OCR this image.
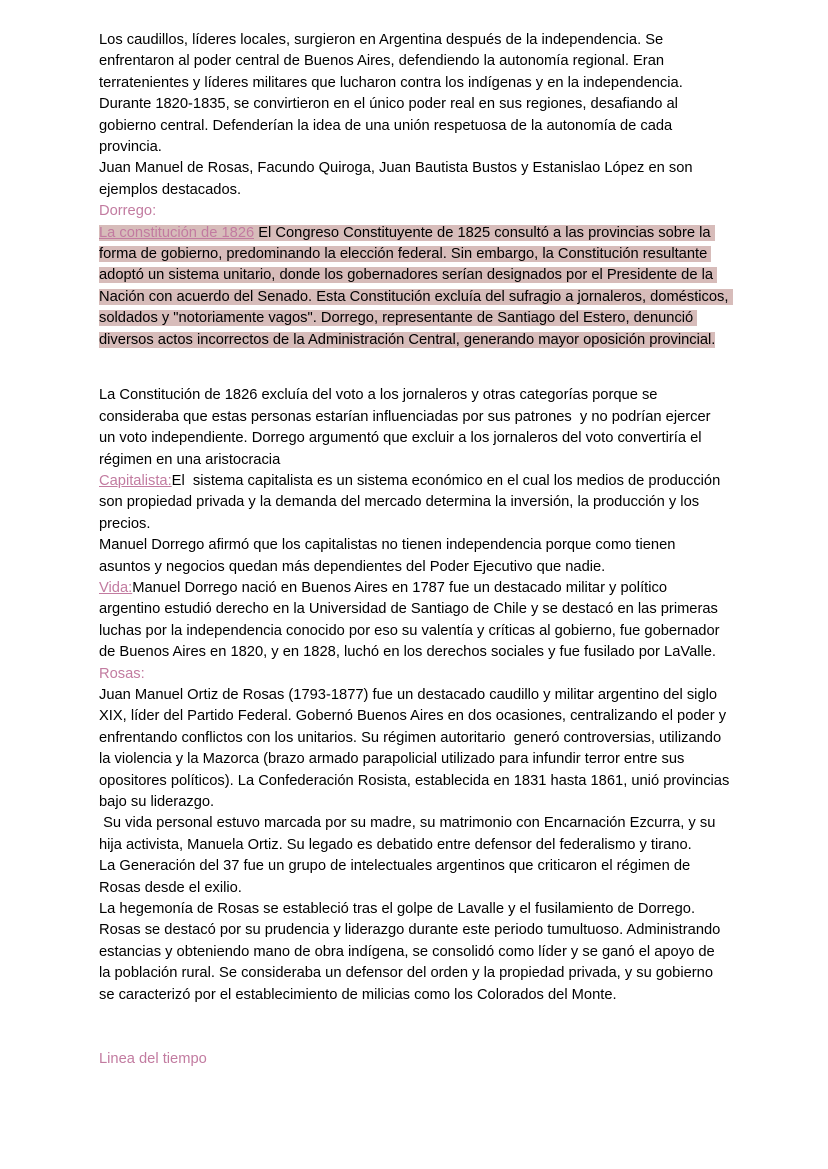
Los caudillos, líderes locales, surgieron en Argentina después de la independencia. Se enfrentaron al poder central de Buenos Aires, defendiendo la autonomía regional. Eran terratenientes y líderes militares que lucharon contra los indígenas y en la independencia. Durante 1820-1835, se convirtieron en el único poder real en sus regiones, desafiando al gobierno central. Defenderían la idea de una unión respetuosa de la autonomía de cada provincia.
Juan Manuel de Rosas, Facundo Quiroga, Juan Bautista Bustos y Estanislao López en son ejemplos destacados.
Dorrego:
La constitución de 1826 El Congreso Constituyente de 1825 consultó a las provincias sobre la forma de gobierno, predominando la elección federal. Sin embargo, la Constitución resultante adoptó un sistema unitario, donde los gobernadores serían designados por el Presidente de la Nación con acuerdo del Senado. Esta Constitución excluía del sufragio a jornaleros, domésticos, soldados y "notoriamente vagos". Dorrego, representante de Santiago del Estero, denunció diversos actos incorrectos de la Administración Central, generando mayor oposición provincial.
La Constitución de 1826 excluía del voto a los jornaleros y otras categorías porque se consideraba que estas personas estarían influenciadas por sus patrones  y no podrían ejercer un voto independiente. Dorrego argumentó que excluir a los jornaleros del voto convertiría el régimen en una aristocracia
Capitalista:El  sistema capitalista es un sistema económico en el cual los medios de producción son propiedad privada y la demanda del mercado determina la inversión, la producción y los precios.
Manuel Dorrego afirmó que los capitalistas no tienen independencia porque como tienen asuntos y negocios quedan más dependientes del Poder Ejecutivo que nadie.
Vida:Manuel Dorrego nació en Buenos Aires en 1787 fue un destacado militar y político argentino estudió derecho en la Universidad de Santiago de Chile y se destacó en las primeras luchas por la independencia conocido por eso su valentía y críticas al gobierno, fue gobernador de Buenos Aires en 1820, y en 1828, luchó en los derechos sociales y fue fusilado por LaValle.
Rosas:
Juan Manuel Ortiz de Rosas (1793-1877) fue un destacado caudillo y militar argentino del siglo XIX, líder del Partido Federal. Gobernó Buenos Aires en dos ocasiones, centralizando el poder y enfrentando conflictos con los unitarios. Su régimen autoritario  generó controversias, utilizando la violencia y la Mazorca (brazo armado parapolicial utilizado para infundir terror entre sus opositores políticos). La Confederación Rosista, establecida en 1831 hasta 1861, unió provincias bajo su liderazgo.
Su vida personal estuvo marcada por su madre, su matrimonio con Encarnación Ezcurra, y su hija activista, Manuela Ortiz. Su legado es debatido entre defensor del federalismo y tirano.
La Generación del 37 fue un grupo de intelectuales argentinos que criticaron el régimen de Rosas desde el exilio.
La hegemonía de Rosas se estableció tras el golpe de Lavalle y el fusilamiento de Dorrego. Rosas se destacó por su prudencia y liderazgo durante este periodo tumultuoso. Administrando estancias y obteniendo mano de obra indígena, se consolidó como líder y se ganó el apoyo de la población rural. Se consideraba un defensor del orden y la propiedad privada, y su gobierno se caracterizó por el establecimiento de milicias como los Colorados del Monte.
Linea del tiempo
